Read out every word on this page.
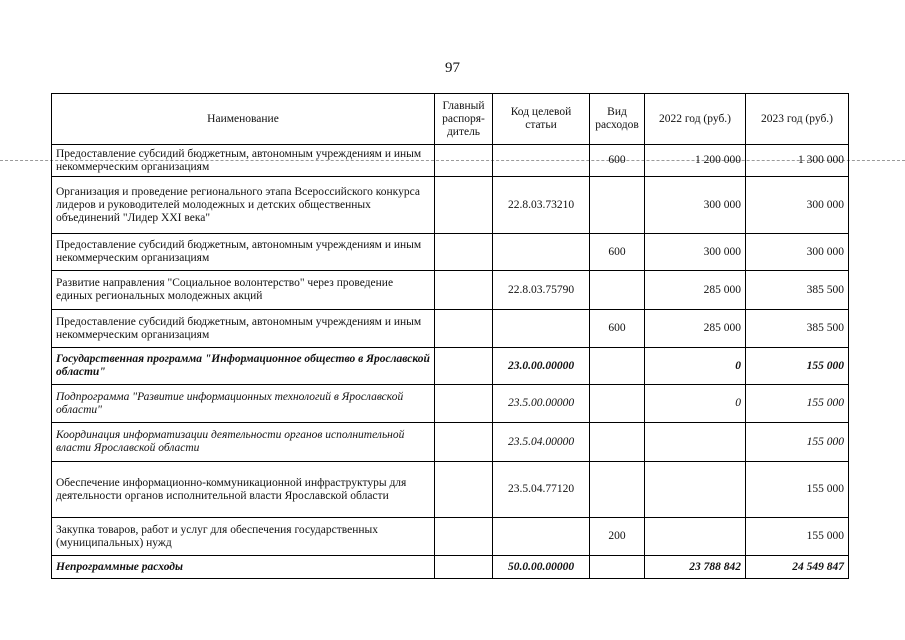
97
Наименование	Главный распоря-дитель	Код целевой статьи	Вид расходов	2022 год (руб.)	2023 год (руб.)
Предоставление субсидий бюджетным, автономным учреждениям и иным некоммерческим организациям			600	1 200 000	1 300 000
Организация и проведение регионального этапа Всероссийского конкурса лидеров и руководителей молодежных и детских общественных объединений "Лидер XXI века"		22.8.03.73210		300 000	300 000
Предоставление субсидий бюджетным, автономным учреждениям и иным некоммерческим организациям			600	300 000	300 000
Развитие направления "Социальное волонтерство" через проведение единых региональных молодежных акций		22.8.03.75790		285 000	385 500
Предоставление субсидий бюджетным, автономным учреждениям и иным некоммерческим организациям			600	285 000	385 500
Государственная программа "Информационное общество в Ярославской области"		23.0.00.00000		0	155 000
Подпрограмма "Развитие информационных технологий в Ярославской области"		23.5.00.00000		0	155 000
Координация информатизации деятельности органов исполнительной власти Ярославской области		23.5.04.00000			155 000
Обеспечение информационно-коммуникационной инфраструктуры для деятельности органов исполнительной власти Ярославской области		23.5.04.77120			155 000
Закупка товаров, работ и услуг для обеспечения государственных (муниципальных) нужд			200		155 000
Непрограммные расходы		50.0.00.00000		23 788 842	24 549 847
